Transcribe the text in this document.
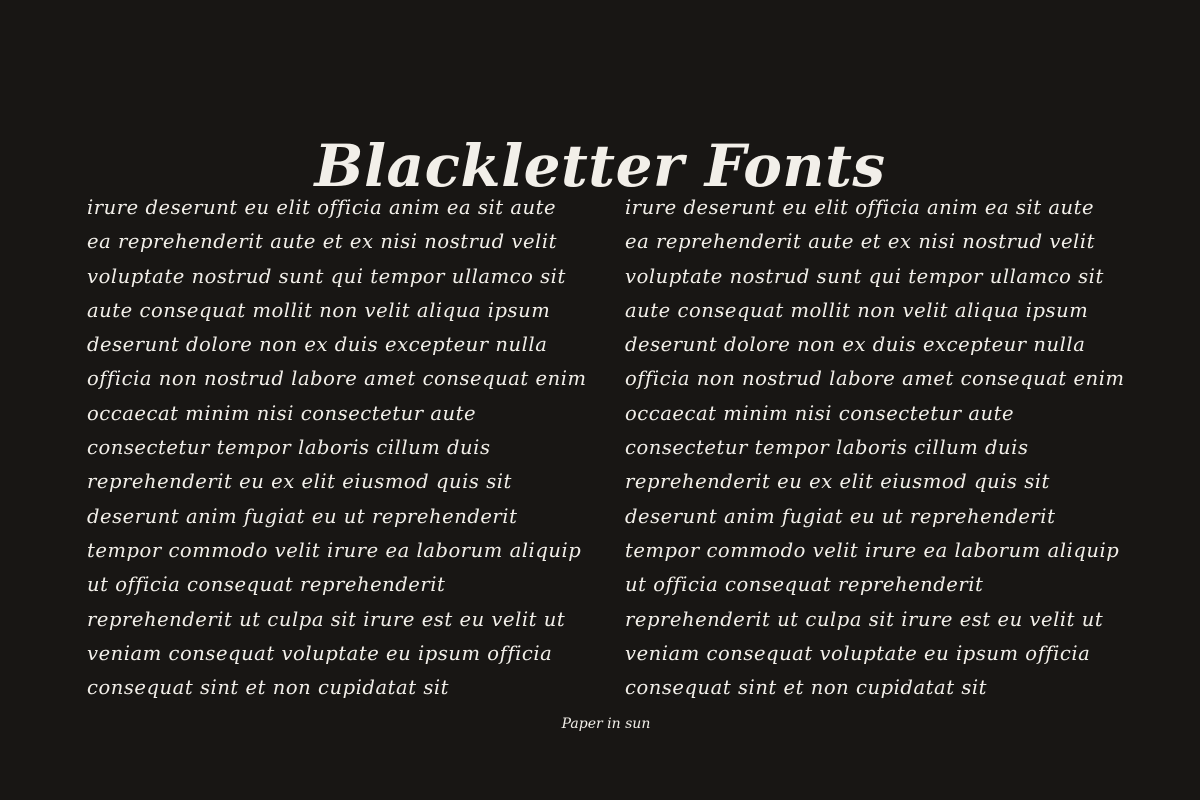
Blackletter Fonts
irure deserunt eu elit officia anim ea sit aute
ea reprehenderit aute et ex nisi nostrud velit
voluptate nostrud sunt qui tempor ullamco sit
aute consequat mollit non velit aliqua ipsum
deserunt dolore non ex duis excepteur nulla
officia non nostrud labore amet consequat enim
occaecat minim nisi consectetur aute
consectetur tempor laboris cillum duis
reprehenderit eu ex elit eiusmod quis sit
deserunt anim fugiat eu ut reprehenderit
tempor commodo velit irure ea laborum aliquip
ut officia consequat reprehenderit
reprehenderit ut culpa sit irure est eu velit ut
veniam consequat voluptate eu ipsum officia
consequat sint et non cupidatat sit
irure deserunt eu elit officia anim ea sit aute
ea reprehenderit aute et ex nisi nostrud velit
voluptate nostrud sunt qui tempor ullamco sit
aute consequat mollit non velit aliqua ipsum
deserunt dolore non ex duis excepteur nulla
officia non nostrud labore amet consequat enim
occaecat minim nisi consectetur aute
consectetur tempor laboris cillum duis
reprehenderit eu ex elit eiusmod quis sit
deserunt anim fugiat eu ut reprehenderit
tempor commodo velit irure ea laborum aliquip
ut officia consequat reprehenderit
reprehenderit ut culpa sit irure est eu velit ut
veniam consequat voluptate eu ipsum officia
consequat sint et non cupidatat sit
Paper in sun
